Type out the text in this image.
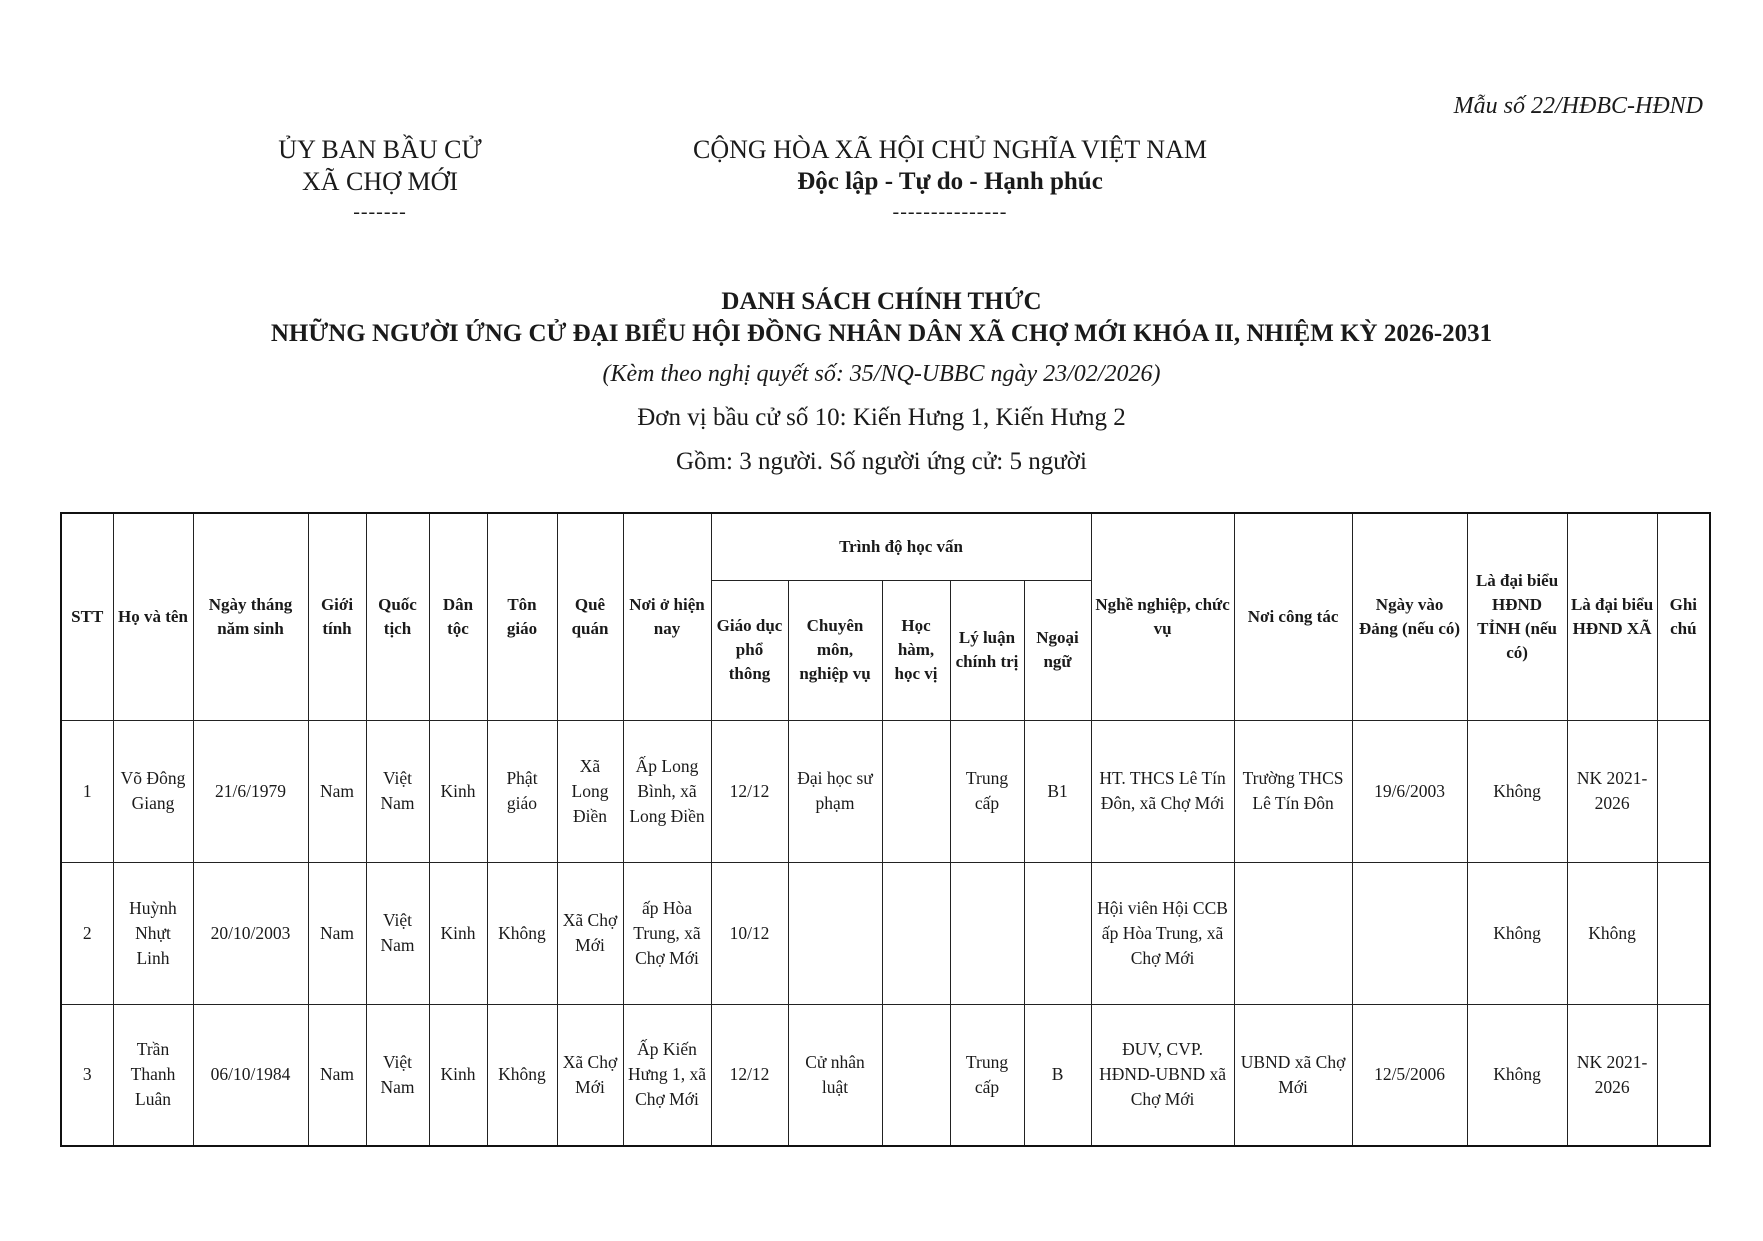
Mẫu số 22/HĐBC-HĐND
ỦY BAN BẦU CỬ
XÃ CHỢ MỚI
-------
CỘNG HÒA XÃ HỘI CHỦ NGHĨA VIỆT NAM
Độc lập - Tự do - Hạnh phúc
---------------
DANH SÁCH CHÍNH THỨC
NHỮNG NGƯỜI ỨNG CỬ ĐẠI BIỂU HỘI ĐỒNG NHÂN DÂN XÃ CHỢ MỚI KHÓA II, NHIỆM KỲ 2026-2031
(Kèm theo nghị quyết số: 35/NQ-UBBC ngày 23/02/2026)
Đơn vị bầu cử số 10: Kiến Hưng 1, Kiến Hưng 2
Gồm: 3 người. Số người ứng cử: 5 người
STT	Họ và tên	Ngày tháng năm sinh	Giới tính	Quốc tịch	Dân tộc	Tôn giáo	Quê quán	Nơi ở hiện nay	Trình độ học vấn					Nghề nghiệp, chức vụ	Nơi công tác	Ngày vào Đảng (nếu có)	Là đại biểu HĐND TỈNH (nếu có)	Là đại biểu HĐND XÃ	Ghi chú
									Giáo dục phổ thông	Chuyên môn, nghiệp vụ	Học hàm, học vị	Lý luận chính trị	Ngoại ngữ						
1	Võ Đông Giang	21/6/1979	Nam	Việt Nam	Kinh	Phật giáo	Xã Long Điền	Ấp Long Bình, xã Long Điền	12/12	Đại học sư phạm		Trung cấp	B1	HT. THCS Lê Tín Đôn, xã Chợ Mới	Trường THCS Lê Tín Đôn	19/6/2003	Không	NK 2021-2026	
2	Huỳnh Nhựt Linh	20/10/2003	Nam	Việt Nam	Kinh	Không	Xã Chợ Mới	ấp Hòa Trung, xã Chợ Mới	10/12					Hội viên Hội CCB ấp Hòa Trung, xã Chợ Mới			Không	Không	
3	Trần Thanh Luân	06/10/1984	Nam	Việt Nam	Kinh	Không	Xã Chợ Mới	Ấp Kiến Hưng 1, xã Chợ Mới	12/12	Cử nhân luật		Trung cấp	B	ĐUV, CVP. HĐND-UBND xã Chợ Mới	UBND xã Chợ Mới	12/5/2006	Không	NK 2021-2026	
